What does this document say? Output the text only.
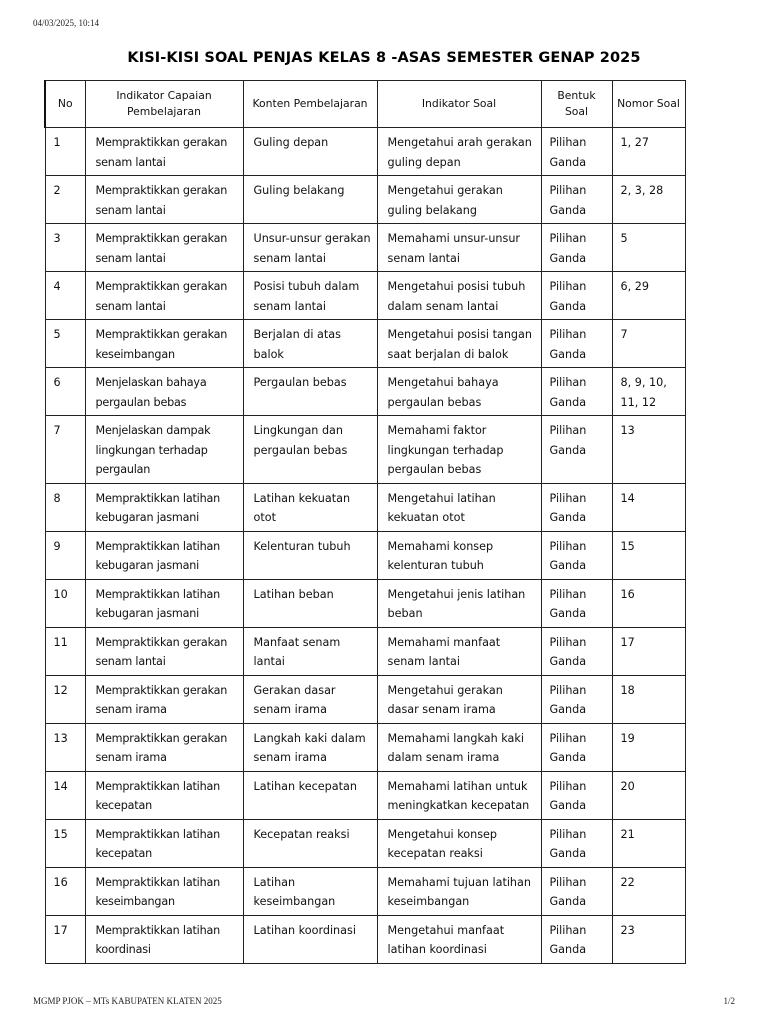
04/03/2025, 10:14
KISI-KISI SOAL PENJAS KELAS 8 -ASAS SEMESTER GENAP 2025
No	Indikator Capaian Pembelajaran	Konten Pembelajaran	Indikator Soal	Bentuk Soal	Nomor Soal
1	Mempraktikkan gerakan senam lantai	Guling depan	Mengetahui arah gerakan guling depan	Pilihan Ganda	1, 27
2	Mempraktikkan gerakan senam lantai	Guling belakang	Mengetahui gerakan guling belakang	Pilihan Ganda	2, 3, 28
3	Mempraktikkan gerakan senam lantai	Unsur-unsur gerakan senam lantai	Memahami unsur-unsur senam lantai	Pilihan Ganda	5
4	Mempraktikkan gerakan senam lantai	Posisi tubuh dalam senam lantai	Mengetahui posisi tubuh dalam senam lantai	Pilihan Ganda	6, 29
5	Mempraktikkan gerakan keseimbangan	Berjalan di atas balok	Mengetahui posisi tangan saat berjalan di balok	Pilihan Ganda	7
6	Menjelaskan bahaya pergaulan bebas	Pergaulan bebas	Mengetahui bahaya pergaulan bebas	Pilihan Ganda	8, 9, 10, 11, 12
7	Menjelaskan dampak lingkungan terhadap pergaulan	Lingkungan dan pergaulan bebas	Memahami faktor lingkungan terhadap pergaulan bebas	Pilihan Ganda	13
8	Mempraktikkan latihan kebugaran jasmani	Latihan kekuatan otot	Mengetahui latihan kekuatan otot	Pilihan Ganda	14
9	Mempraktikkan latihan kebugaran jasmani	Kelenturan tubuh	Memahami konsep kelenturan tubuh	Pilihan Ganda	15
10	Mempraktikkan latihan kebugaran jasmani	Latihan beban	Mengetahui jenis latihan beban	Pilihan Ganda	16
11	Mempraktikkan gerakan senam lantai	Manfaat senam lantai	Memahami manfaat senam lantai	Pilihan Ganda	17
12	Mempraktikkan gerakan senam irama	Gerakan dasar senam irama	Mengetahui gerakan dasar senam irama	Pilihan Ganda	18
13	Mempraktikkan gerakan senam irama	Langkah kaki dalam senam irama	Memahami langkah kaki dalam senam irama	Pilihan Ganda	19
14	Mempraktikkan latihan kecepatan	Latihan kecepatan	Memahami latihan untuk meningkatkan kecepatan	Pilihan Ganda	20
15	Mempraktikkan latihan kecepatan	Kecepatan reaksi	Mengetahui konsep kecepatan reaksi	Pilihan Ganda	21
16	Mempraktikkan latihan keseimbangan	Latihan keseimbangan	Memahami tujuan latihan keseimbangan	Pilihan Ganda	22
17	Mempraktikkan latihan koordinasi	Latihan koordinasi	Mengetahui manfaat latihan koordinasi	Pilihan Ganda	23
MGMP PJOK – MTs KABUPATEN KLATEN 2025	1/2
